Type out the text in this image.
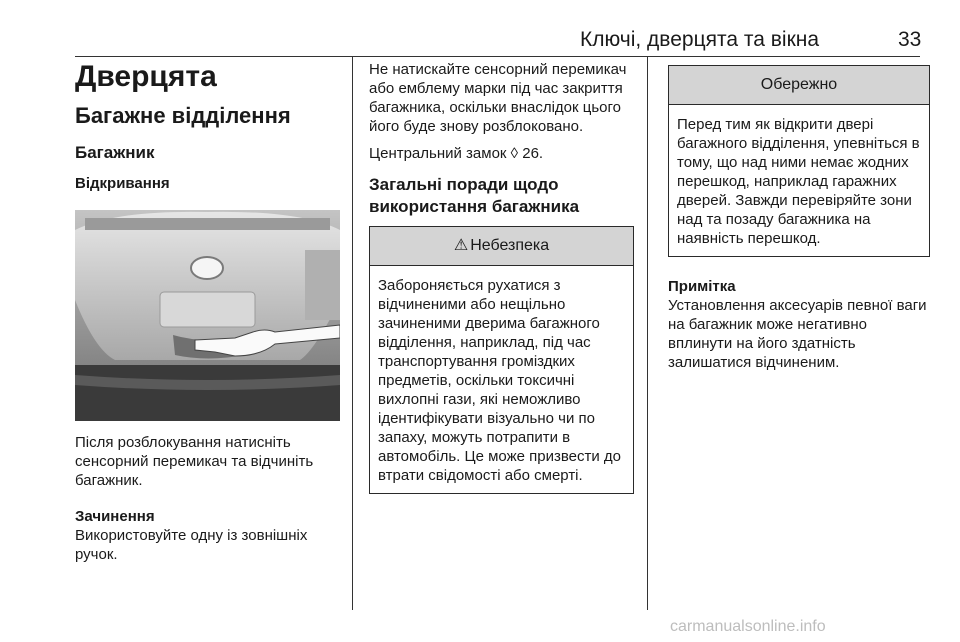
Ключі, дверцята та вікна	33
Дверцята
Багажне відділення
Багажник
Відкривання

Після розблокування натисніть сенсорний перемикач та відчиніть багажник.

Зачинення

Використовуйте одну із зовнішніх ручок.

Не натискайте сенсорний перемикач або емблему марки під час закриття багажника, оскільки внаслідок цього його буде знову розблоковано.

Центральний замок ◊ 26.

Загальні поради щодо використання багажника
⚠ Небезпека
Забороняється рухатися з відчиненими або нещільно зачиненими дверима багажного відділення, наприклад, під час транспортування громіздких предметів, оскільки токсичні вихлопні гази, які неможливо ідентифікувати візуально чи по запаху, можуть потрапити в автомобіль. Це може призвести до втрати свідомості або смерті.
Обережно
Перед тим як відкрити двері багажного відділення, упевніться в тому, що над ними немає жодних перешкод, наприклад гаражних дверей. Завжди перевіряйте зони над та позаду багажника на наявність перешкод.
Примітка

Установлення аксесуарів певної ваги на багажник може негативно вплинути на його здатність залишатися відчиненим.

carmanualsonline.info
